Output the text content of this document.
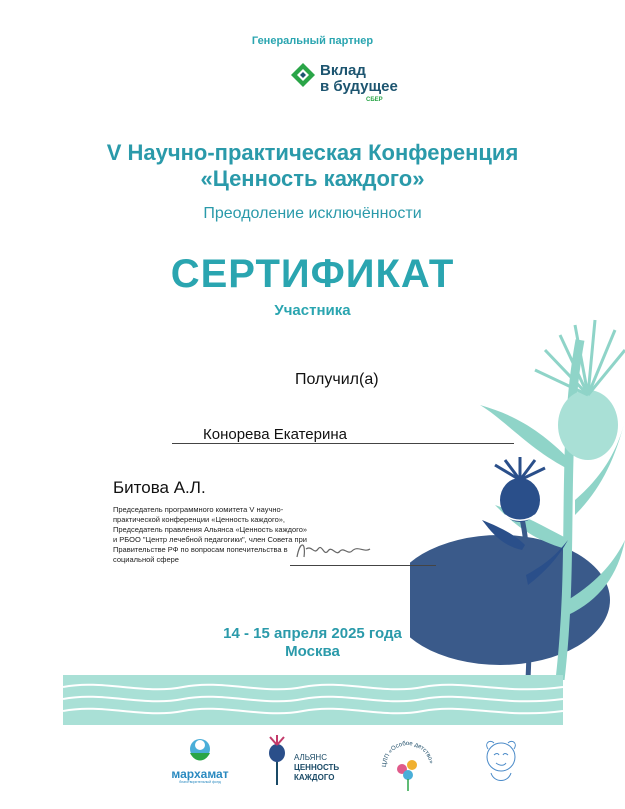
Генеральный партнер
Вклад
в будущее
СБЕР
V Научно-практическая Конференция
«Ценность каждого»
Преодоление исключённости
СЕРТИФИКАТ
Участника
Получил(а)
Конорева Екатерина
Битова А.Л.
Председатель программного комитета V научно-практической конференции «Ценность каждого», Председатель правления Альянса «Ценность каждого» и РБОО "Центр лечебной педагогики", член Совета при Правительстве РФ по вопросам попечительства в социальной сфере
14 - 15 апреля 2025 года
Москва
мархамат
благотворительный фонд
АЛЬЯНС
ЦЕННОСТЬ
КАЖДОГО
ЦЛП «Особое детство»
